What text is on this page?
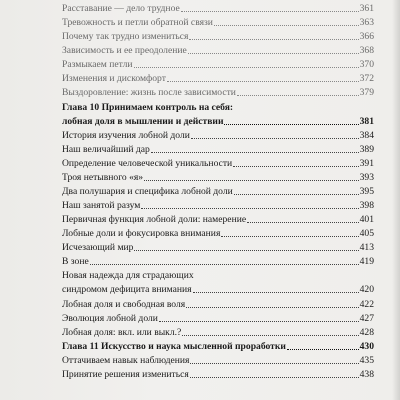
Расставание — дело трудное	361
Тревожность и петли обратной связи	363
Почему так трудно измениться	366
Зависимость и ее преодоление	368
Размыкаем петли	370
Изменения и дискомфорт	372
Выздоровление: жизнь после зависимости	379
Глава 10 Принимаем контроль на себя:
лобная доля в мышлении и действии	381
История изучения лобной доли	384
Наш величайший дар	389
Определение человеческой уникальности	391
Троя нетывного «я»	393
Два полушария и специфика лобной доли	395
Наш занятой разум	398
Первичная функция лобной доли: намерение	401
Лобные доли и фокусировка внимания	405
Исчезающий мир	413
В зоне	419
Новая надежда для страдающих
синдромом дефицита внимания	420
Лобная доля и свободная воля	422
Эволюция лобной доли	427
Лобная доля: вкл. или выкл.?	428
Глава 11 Искусство и наука мысленной проработки	430
Оттачиваем навык наблюдения	435
Принятие решения измениться	438
